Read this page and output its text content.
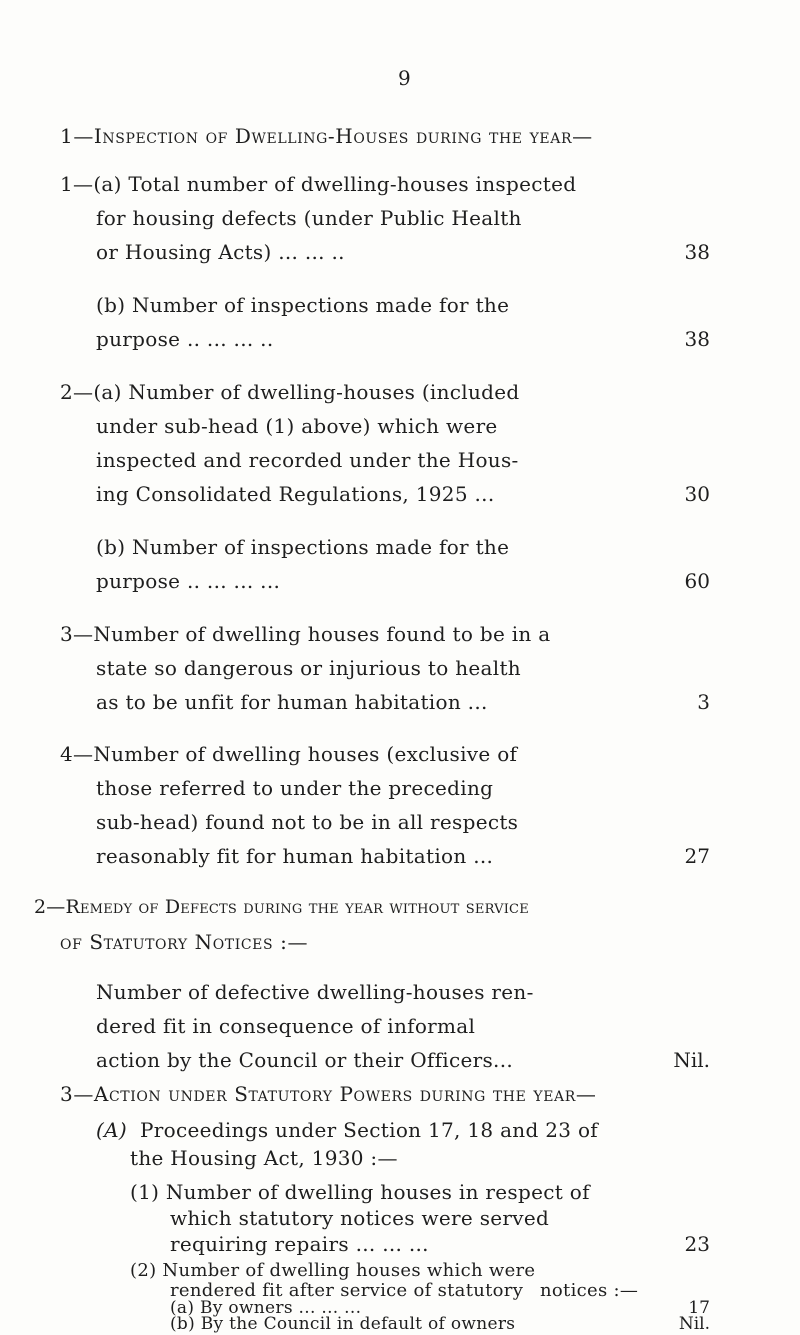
9
1—Inspection of Dwelling-Houses during the year—
1—(a) Total number of dwelling-houses inspected
for housing defects (under Public Health
or Housing Acts) ... ... ..	38
(b) Number of inspections made for the
purpose .. ... ... ..	38
2—(a) Number of dwelling-houses (included
under sub-head (1) above) which were
inspected and recorded under the Hous-
ing Consolidated Regulations, 1925 ...	30
(b) Number of inspections made for the
purpose .. ... ... ...	60
3—Number of dwelling houses found to be in a
state so dangerous or injurious to health
as to be unfit for human habitation ...	3
4—Number of dwelling houses (exclusive of
those referred to under the preceding
sub-head) found not to be in all respects
reasonably fit for human habitation ...	27
2—Remedy of Defects during the year without service
of Statutory Notices :—
Number of defective dwelling-houses ren-
dered fit in consequence of informal
action by the Council or their Officers...	Nil.
3—Action under Statutory Powers during the year—
(A) Proceedings under Section 17, 18 and 23 of
the Housing Act, 1930 :—
(1) Number of dwelling houses in respect of
which statutory notices were served
requiring repairs ... ... ...	23
(2) Number of dwelling houses which were
rendered fit after service of statutory notices :—
(a) By owners ... ... ...	17
(b) By the Council in default of owners	Nil.
